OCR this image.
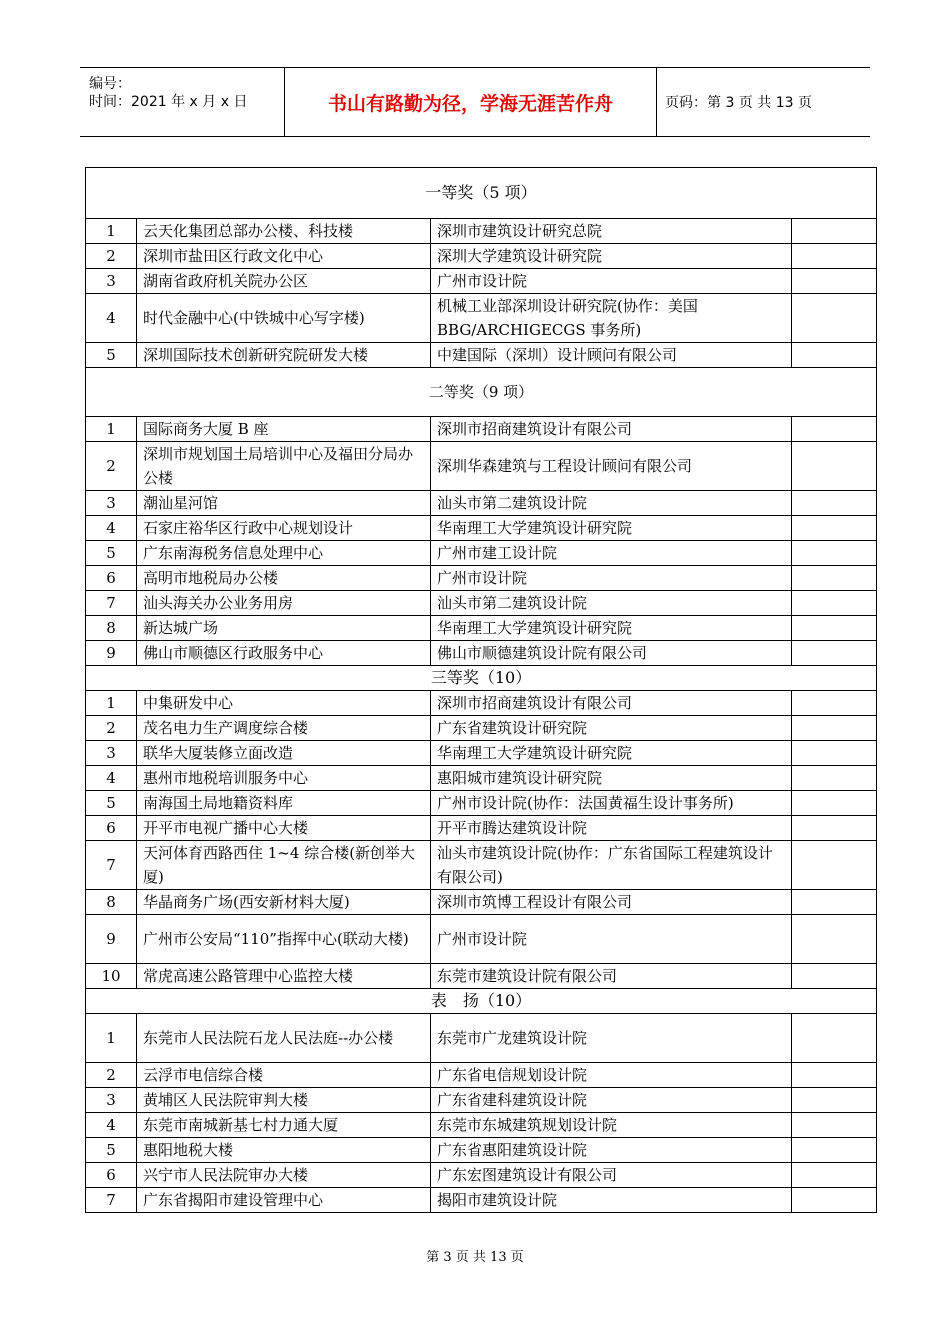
编号：
时间：2021 年 x 月 x 日	书山有路勤为径，学海无涯苦作舟	页码：第 3 页 共 13 页
一等奖（5 项）			
1	云天化集团总部办公楼、科技楼	深圳市建筑设计研究总院	
2	深圳市盐田区行政文化中心	深圳大学建筑设计研究院	
3	湖南省政府机关院办公区	广州市设计院	
4	时代金融中心(中铁城中心写字楼)	机械工业部深圳设计研究院(协作：美国 BBG/ARCHIGECGS 事务所)	
5	深圳国际技术创新研究院研发大楼	中建国际（深圳）设计顾问有限公司	
二等奖（9 项）			
1	国际商务大厦 B 座	深圳市招商建筑设计有限公司	
2	深圳市规划国土局培训中心及福田分局办公楼	深圳华森建筑与工程设计顾问有限公司	
3	潮汕星河馆	汕头市第二建筑设计院	
4	石家庄裕华区行政中心规划设计	华南理工大学建筑设计研究院	
5	广东南海税务信息处理中心	广州市建工设计院	
6	高明市地税局办公楼	广州市设计院	
7	汕头海关办公业务用房	汕头市第二建筑设计院	
8	新达城广场	华南理工大学建筑设计研究院	
9	佛山市顺德区行政服务中心	佛山市顺德建筑设计院有限公司	
三等奖（10）			
1	中集研发中心	深圳市招商建筑设计有限公司	
2	茂名电力生产调度综合楼	广东省建筑设计研究院	
3	联华大厦装修立面改造	华南理工大学建筑设计研究院	
4	惠州市地税培训服务中心	惠阳城市建筑设计研究院	
5	南海国土局地籍资料库	广州市设计院(协作：法国黄福生设计事务所)	
6	开平市电视广播中心大楼	开平市腾达建筑设计院	
7	天河体育西路西住 1~4 综合楼(新创举大厦)	汕头市建筑设计院(协作：广东省国际工程建筑设计有限公司)	
8	华晶商务广场(西安新材料大厦)	深圳市筑博工程设计有限公司	
9	广州市公安局“110”指挥中心(联动大楼)	广州市设计院	
10	常虎高速公路管理中心监控大楼	东莞市建筑设计院有限公司	
表　扬（10）			
1	东莞市人民法院石龙人民法庭--办公楼	东莞市广龙建筑设计院	
2	云浮市电信综合楼	广东省电信规划设计院	
3	黄埔区人民法院审判大楼	广东省建科建筑设计院	
4	东莞市南城新基七村力通大厦	东莞市东城建筑规划设计院	
5	惠阳地税大楼	广东省惠阳建筑设计院	
6	兴宁市人民法院审办大楼	广东宏图建筑设计有限公司	
7	广东省揭阳市建设管理中心	揭阳市建筑设计院	
第 3 页 共 13 页
